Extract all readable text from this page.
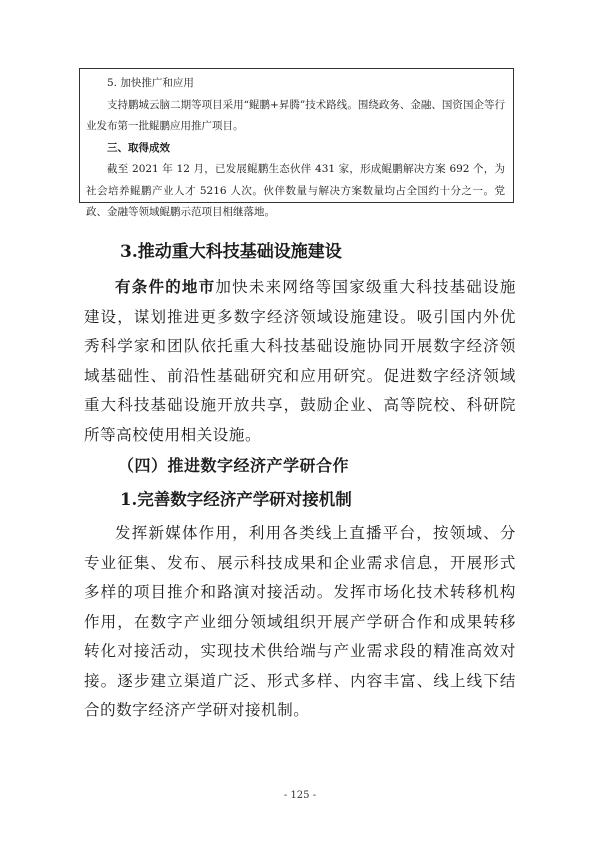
5. 加快推广和应用

支持鹏城云脑二期等项目采用“鲲鹏+昇腾”技术路线。围绕政务、金融、国资国企等行业发布第一批鲲鹏应用推广项目。

三、取得成效

截至 2021 年 12 月，已发展鲲鹏生态伙伴 431 家，形成鲲鹏解决方案 692 个，为社会培养鲲鹏产业人才 5216 人次。伙伴数量与解决方案数量均占全国约十分之一。党政、金融等领域鲲鹏示范项目相继落地。

3.推动重大科技基础设施建设

有条件的地市加快未来网络等国家级重大科技基础设施建设，谋划推进更多数字经济领域设施建设。吸引国内外优秀科学家和团队依托重大科技基础设施协同开展数字经济领域基础性、前沿性基础研究和应用研究。促进数字经济领域重大科技基础设施开放共享，鼓励企业、高等院校、科研院所等高校使用相关设施。

（四）推进数字经济产学研合作
1.完善数字经济产学研对接机制

发挥新媒体作用，利用各类线上直播平台，按领域、分专业征集、发布、展示科技成果和企业需求信息，开展形式多样的项目推介和路演对接活动。发挥市场化技术转移机构作用，在数字产业细分领域组织开展产学研合作和成果转移转化对接活动，实现技术供给端与产业需求段的精准高效对接。逐步建立渠道广泛、形式多样、内容丰富、线上线下结合的数字经济产学研对接机制。

- 125 -
